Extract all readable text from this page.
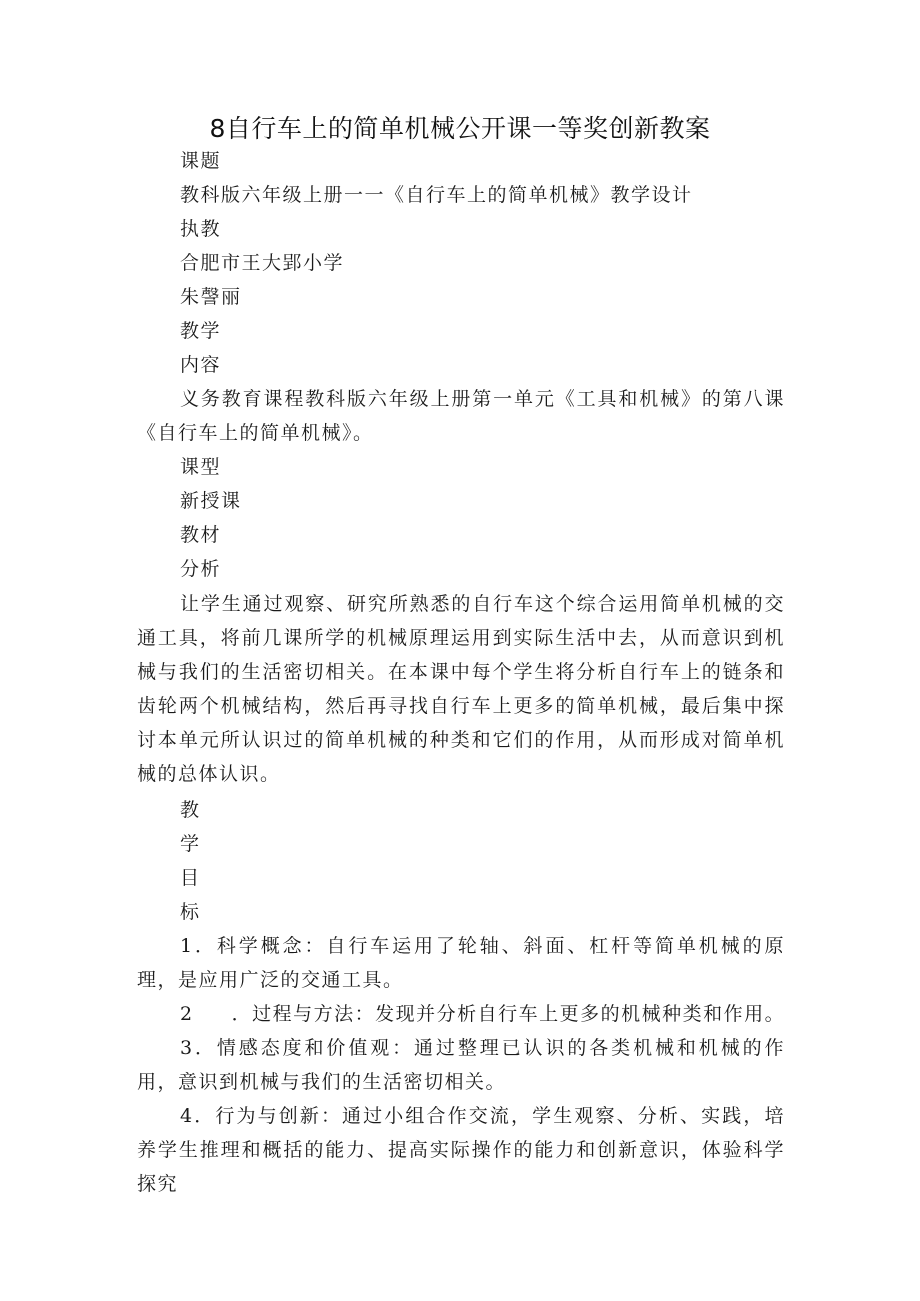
8自行车上的简单机械公开课一等奖创新教案
课题
教科版六年级上册一一《自行车上的简单机械》教学设计
执教
合肥市王大郢小学
朱謦丽
教学
内容
义务教育课程教科版六年级上册第一单元《工具和机械》的第八课《自行车上的简单机械》。
课型
新授课
教材
分析
让学生通过观察、研究所熟悉的自行车这个综合运用简单机械的交通工具，将前几课所学的机械原理运用到实际生活中去，从而意识到机械与我们的生活密切相关。在本课中每个学生将分析自行车上的链条和齿轮两个机械结构，然后再寻找自行车上更多的简单机械，最后集中探讨本单元所认识过的简单机械的种类和它们的作用，从而形成对简单机械的总体认识。
教
学
目
标
1．科学概念：自行车运用了轮轴、斜面、杠杆等简单机械的原理，是应用广泛的交通工具。
2 ．过程与方法：发现并分析自行车上更多的机械种类和作用。
3．情感态度和价值观：通过整理已认识的各类机械和机械的作用，意识到机械与我们的生活密切相关。
4．行为与创新：通过小组合作交流，学生观察、分析、实践，培养学生推理和概括的能力、提高实际操作的能力和创新意识，体验科学探究
